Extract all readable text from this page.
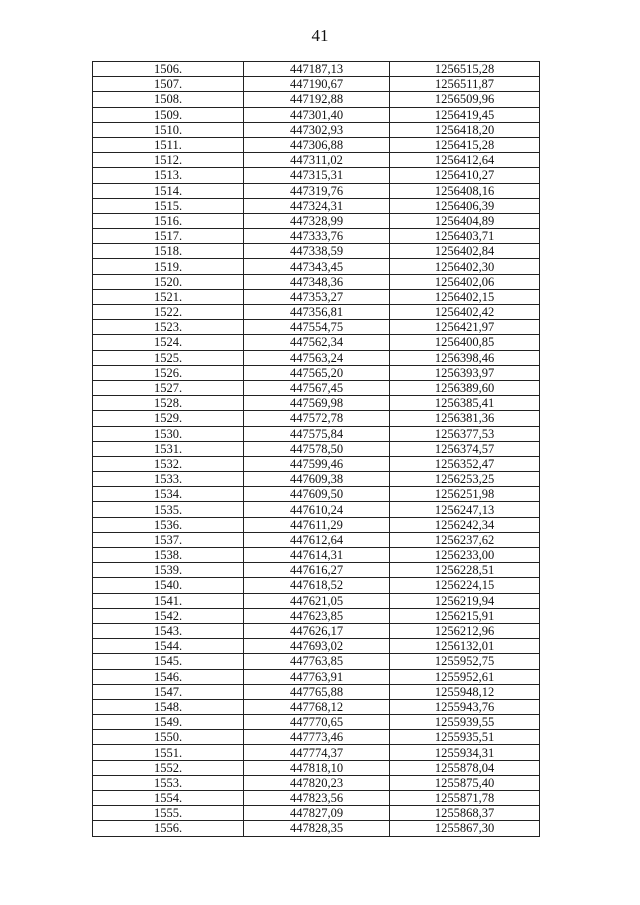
41
1506.	447187,13	1256515,28
1507.	447190,67	1256511,87
1508.	447192,88	1256509,96
1509.	447301,40	1256419,45
1510.	447302,93	1256418,20
1511.	447306,88	1256415,28
1512.	447311,02	1256412,64
1513.	447315,31	1256410,27
1514.	447319,76	1256408,16
1515.	447324,31	1256406,39
1516.	447328,99	1256404,89
1517.	447333,76	1256403,71
1518.	447338,59	1256402,84
1519.	447343,45	1256402,30
1520.	447348,36	1256402,06
1521.	447353,27	1256402,15
1522.	447356,81	1256402,42
1523.	447554,75	1256421,97
1524.	447562,34	1256400,85
1525.	447563,24	1256398,46
1526.	447565,20	1256393,97
1527.	447567,45	1256389,60
1528.	447569,98	1256385,41
1529.	447572,78	1256381,36
1530.	447575,84	1256377,53
1531.	447578,50	1256374,57
1532.	447599,46	1256352,47
1533.	447609,38	1256253,25
1534.	447609,50	1256251,98
1535.	447610,24	1256247,13
1536.	447611,29	1256242,34
1537.	447612,64	1256237,62
1538.	447614,31	1256233,00
1539.	447616,27	1256228,51
1540.	447618,52	1256224,15
1541.	447621,05	1256219,94
1542.	447623,85	1256215,91
1543.	447626,17	1256212,96
1544.	447693,02	1256132,01
1545.	447763,85	1255952,75
1546.	447763,91	1255952,61
1547.	447765,88	1255948,12
1548.	447768,12	1255943,76
1549.	447770,65	1255939,55
1550.	447773,46	1255935,51
1551.	447774,37	1255934,31
1552.	447818,10	1255878,04
1553.	447820,23	1255875,40
1554.	447823,56	1255871,78
1555.	447827,09	1255868,37
1556.	447828,35	1255867,30
